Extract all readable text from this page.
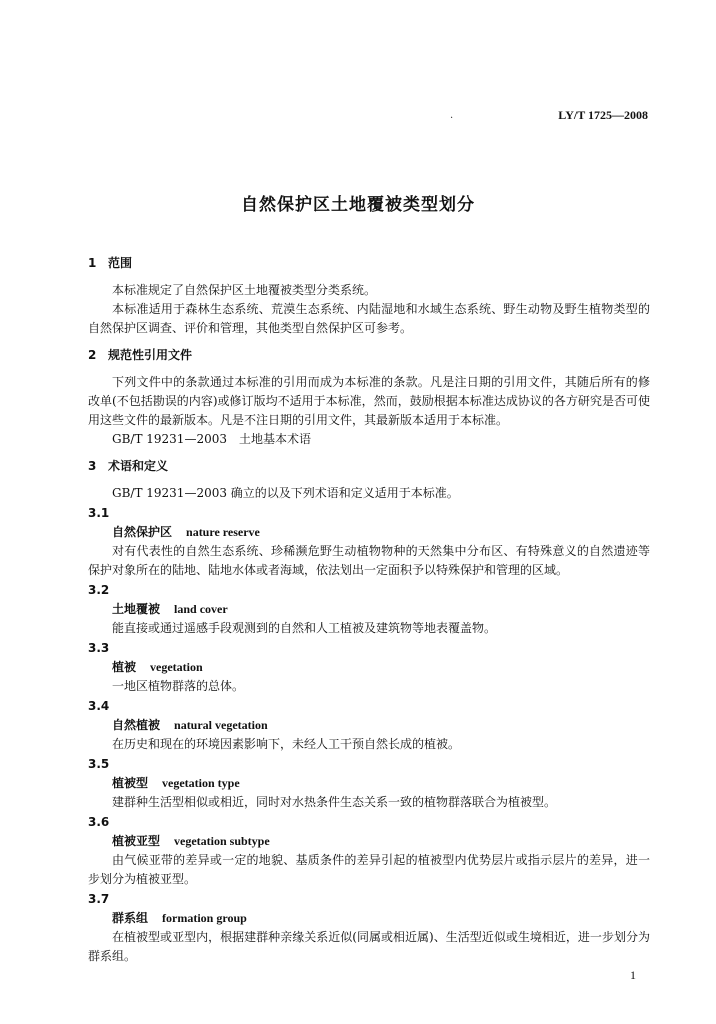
.	LY/T 1725—2008
自然保护区土地覆被类型划分
1 范围
本标准规定了自然保护区土地覆被类型分类系统。
本标准适用于森林生态系统、荒漠生态系统、内陆湿地和水域生态系统、野生动物及野生植物类型的自然保护区调查、评价和管理，其他类型自然保护区可参考。
2 规范性引用文件
下列文件中的条款通过本标准的引用而成为本标准的条款。凡是注日期的引用文件，其随后所有的修改单(不包括勘误的内容)或修订版均不适用于本标准，然而，鼓励根据本标准达成协议的各方研究是否可使用这些文件的最新版本。凡是不注日期的引用文件，其最新版本适用于本标准。
GB/T 19231—2003　土地基本术语
3 术语和定义
GB/T 19231—2003 确立的以及下列术语和定义适用于本标准。
3.1
自然保护区 nature reserve
对有代表性的自然生态系统、珍稀濒危野生动植物物种的天然集中分布区、有特殊意义的自然遗迹等保护对象所在的陆地、陆地水体或者海域，依法划出一定面积予以特殊保护和管理的区域。
3.2
土地覆被 land cover
能直接或通过遥感手段观测到的自然和人工植被及建筑物等地表覆盖物。
3.3
植被 vegetation
一地区植物群落的总体。
3.4
自然植被 natural vegetation
在历史和现在的环境因素影响下，未经人工干预自然长成的植被。
3.5
植被型 vegetation type
建群种生活型相似或相近，同时对水热条件生态关系一致的植物群落联合为植被型。
3.6
植被亚型 vegetation subtype
由气候亚带的差异或一定的地貌、基质条件的差异引起的植被型内优势层片或指示层片的差异，进一步划分为植被亚型。
3.7
群系组 formation group
在植被型或亚型内，根据建群种亲缘关系近似(同属或相近属)、生活型近似或生境相近，进一步划分为群系组。
1
